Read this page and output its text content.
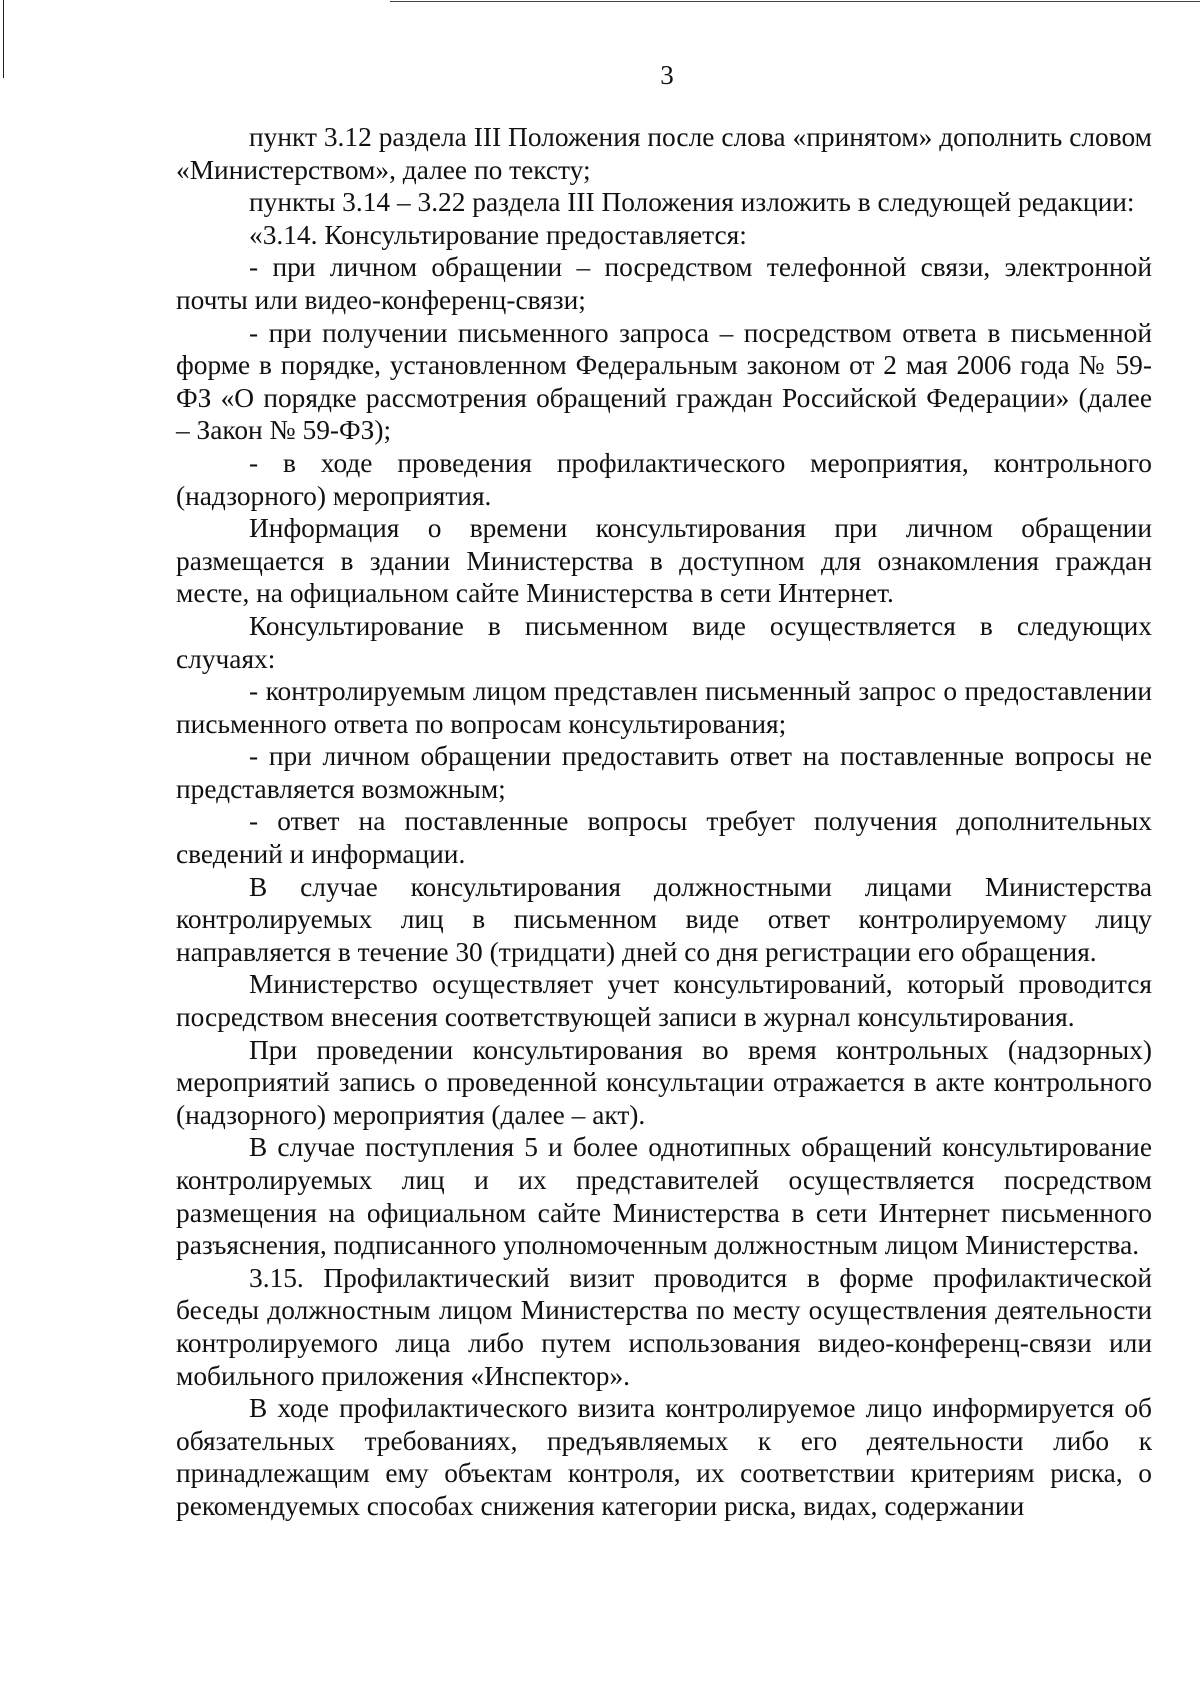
3

пункт 3.12 раздела III Положения после слова «принятом» дополнить словом «Министерством», далее по тексту;

пункты 3.14 – 3.22 раздела III Положения изложить в следующей редакции:

«3.14. Консультирование предоставляется:

- при личном обращении – посредством телефонной связи, электронной почты или видео-конференц-связи;

- при получении письменного запроса – посредством ответа в письменной форме в порядке, установленном Федеральным законом от 2 мая 2006 года № 59-ФЗ «О порядке рассмотрения обращений граждан Российской Федерации» (далее – Закон № 59-ФЗ);

- в ходе проведения профилактического мероприятия, контрольного (надзорного) мероприятия.

Информация о времени консультирования при личном обращении размещается в здании Министерства в доступном для ознакомления граждан месте, на официальном сайте Министерства в сети Интернет.

Консультирование в письменном виде осуществляется в следующих случаях:

- контролируемым лицом представлен письменный запрос о предоставлении письменного ответа по вопросам консультирования;

- при личном обращении предоставить ответ на поставленные вопросы не представляется возможным;

- ответ на поставленные вопросы требует получения дополнительных сведений и информации.

В случае консультирования должностными лицами Министерства контролируемых лиц в письменном виде ответ контролируемому лицу направляется в течение 30 (тридцати) дней со дня регистрации его обращения.

Министерство осуществляет учет консультирований, который проводится посредством внесения соответствующей записи в журнал консультирования.

При проведении консультирования во время контрольных (надзорных) мероприятий запись о проведенной консультации отражается в акте контрольного (надзорного) мероприятия (далее – акт).

В случае поступления 5 и более однотипных обращений консультирование контролируемых лиц и их представителей осуществляется посредством размещения на официальном сайте Министерства в сети Интернет письменного разъяснения, подписанного уполномоченным должностным лицом Министерства.

3.15. Профилактический визит проводится в форме профилактической беседы должностным лицом Министерства по месту осуществления деятельности контролируемого лица либо путем использования видео-конференц-связи или мобильного приложения «Инспектор».

В ходе профилактического визита контролируемое лицо информируется об обязательных требованиях, предъявляемых к его деятельности либо к принадлежащим ему объектам контроля, их соответствии критериям риска, о рекомендуемых способах снижения категории риска, видах, содержании
